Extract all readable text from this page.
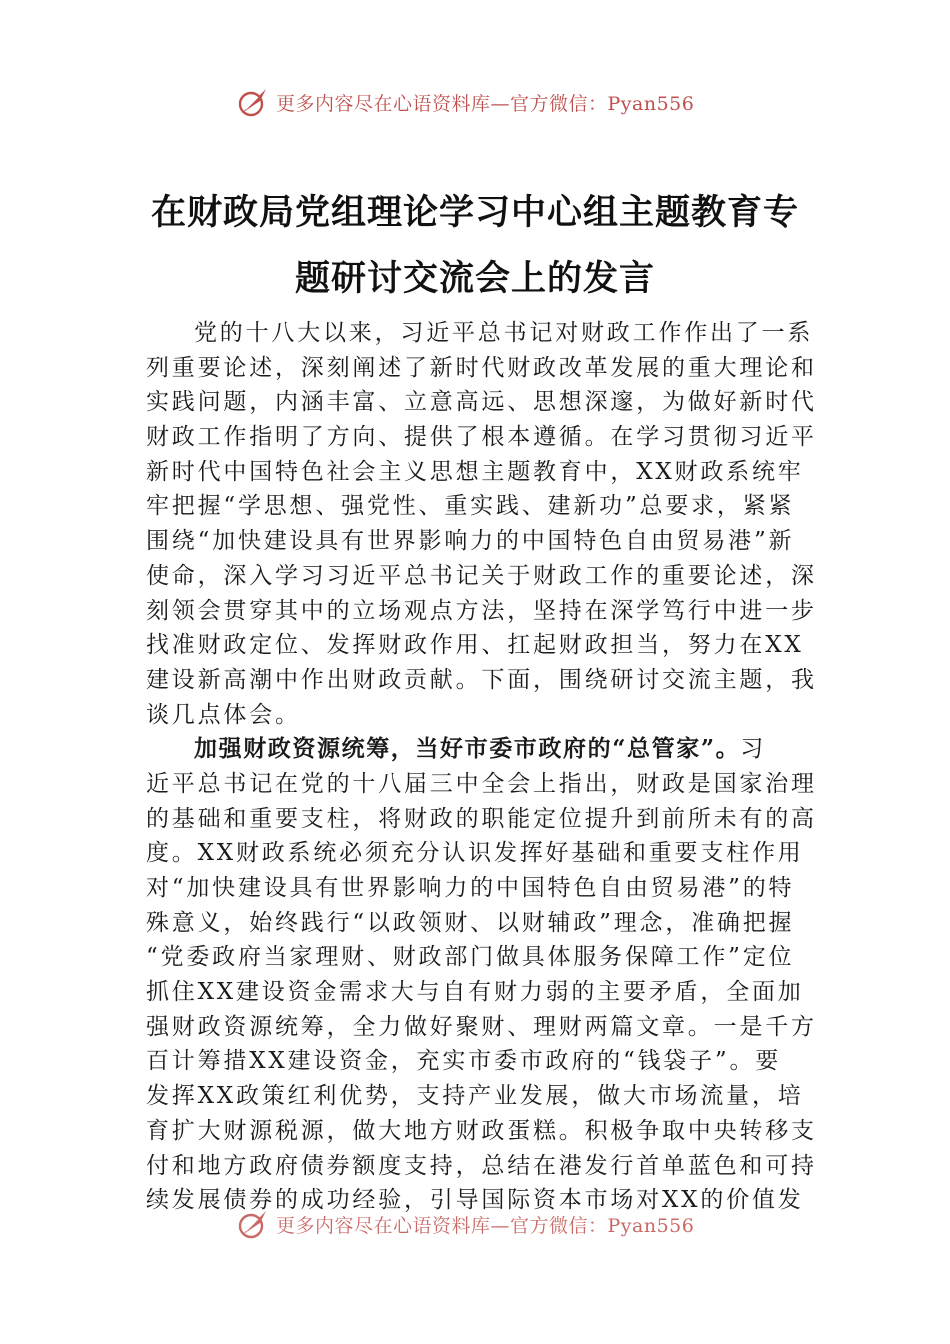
更多内容尽在心语资料库—官方微信：Pyan556
在财政局党组理论学习中心组主题教育专
题研讨交流会上的发言
党的十八大以来，习近平总书记对财政工作作出了一系
列重要论述，深刻阐述了新时代财政改革发展的重大理论和
实践问题，内涵丰富、立意高远、思想深邃，为做好新时代
财政工作指明了方向、提供了根本遵循。在学习贯彻习近平
新时代中国特色社会主义思想主题教育中，XX财政系统牢
牢把握“学思想、强党性、重实践、建新功”总要求，紧紧
围绕“加快建设具有世界影响力的中国特色自由贸易港”新
使命，深入学习习近平总书记关于财政工作的重要论述，深
刻领会贯穿其中的立场观点方法，坚持在深学笃行中进一步
找准财政定位、发挥财政作用、扛起财政担当，努力在XX
建设新高潮中作出财政贡献。下面，围绕研讨交流主题，我
谈几点体会。
加强财政资源统筹，当好市委市政府的“总管家”。习
近平总书记在党的十八届三中全会上指出，财政是国家治理
的基础和重要支柱，将财政的职能定位提升到前所未有的高
度。XX财政系统必须充分认识发挥好基础和重要支柱作用
对“加快建设具有世界影响力的中国特色自由贸易港”的特
殊意义，始终践行“以政领财、以财辅政”理念，准确把握
“党委政府当家理财、财政部门做具体服务保障工作”定位
抓住XX建设资金需求大与自有财力弱的主要矛盾，全面加
强财政资源统筹，全力做好聚财、理财两篇文章。一是千方
百计筹措XX建设资金，充实市委市政府的“钱袋子”。要
发挥XX政策红利优势，支持产业发展，做大市场流量，培
育扩大财源税源，做大地方财政蛋糕。积极争取中央转移支
付和地方政府债券额度支持，总结在港发行首单蓝色和可持
续发展债券的成功经验，引导国际资本市场对XX的价值发
更多内容尽在心语资料库—官方微信：Pyan556
